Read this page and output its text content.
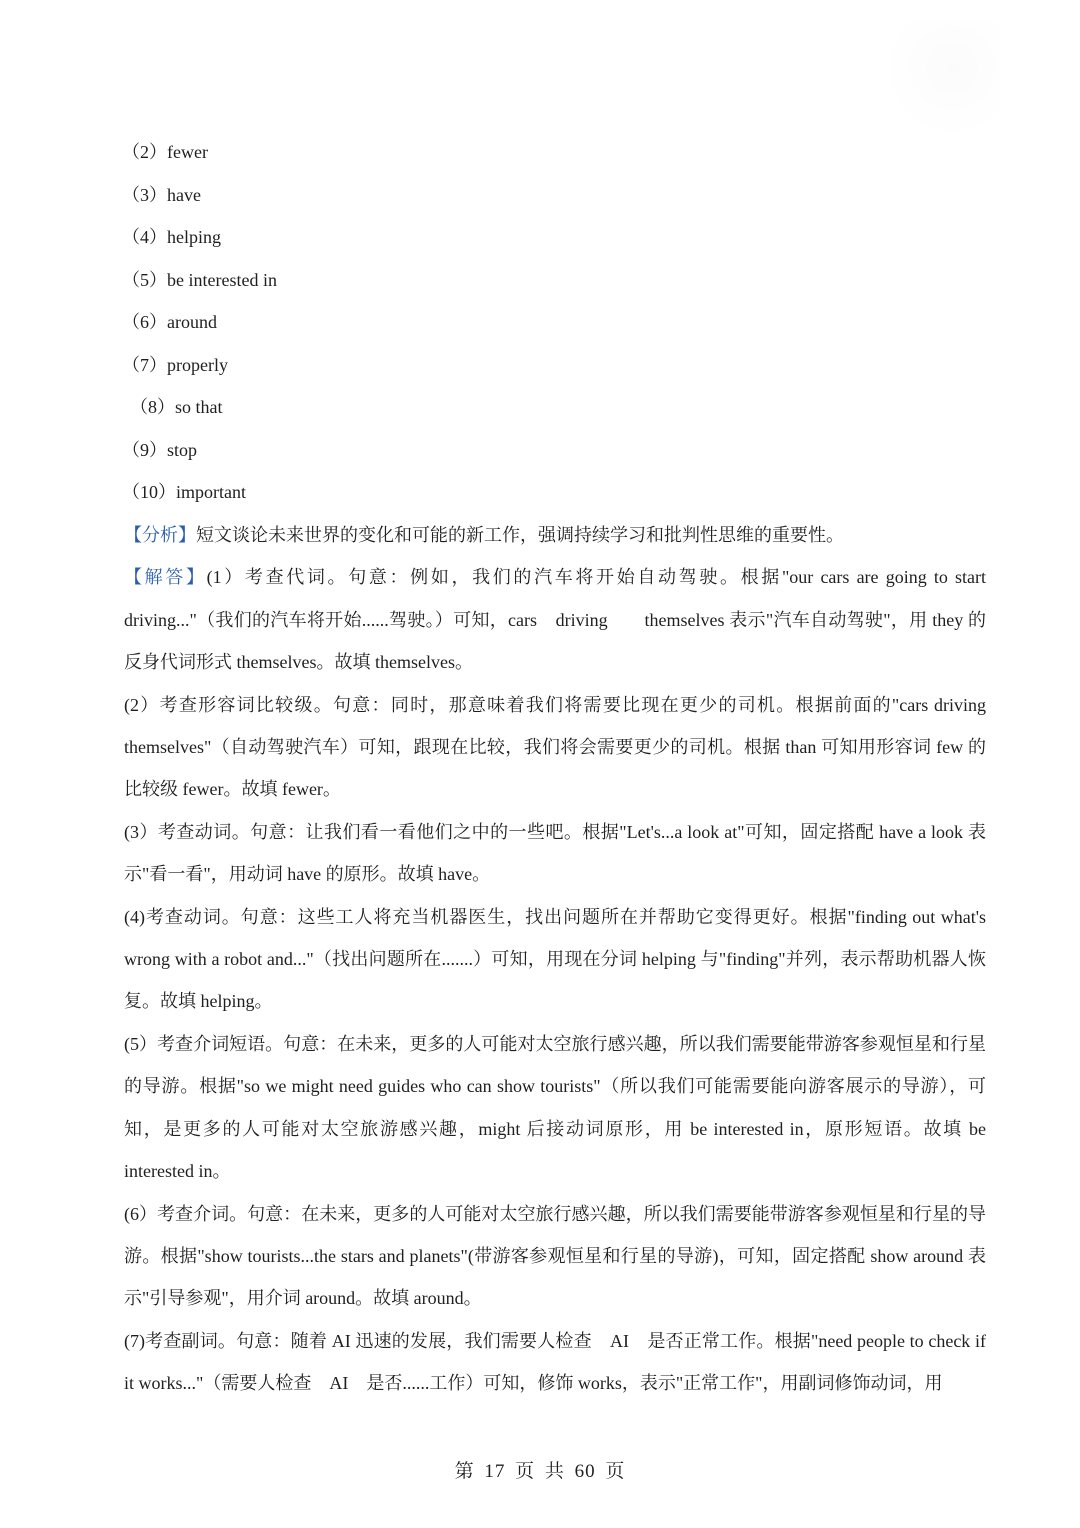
（2）fewer
（3）have
（4）helping
（5）be interested in
（6）around
（7）properly
（8）so that
（9）stop
（10）important

【分析】短文谈论未来世界的变化和可能的新工作，强调持续学习和批判性思维的重要性。

【解答】(1）考查代词。句意：例如，我们的汽车将开始自动驾驶。根据"our cars are going to start driving..."（我们的汽车将开始......驾驶。）可知，cars　driving　　themselves 表示"汽车自动驾驶"，用 they 的反身代词形式 themselves。故填 themselves。

(2）考查形容词比较级。句意：同时，那意味着我们将需要比现在更少的司机。根据前面的"cars driving themselves"（自动驾驶汽车）可知，跟现在比较，我们将会需要更少的司机。根据 than 可知用形容词 few 的比较级 fewer。故填 fewer。

(3）考查动词。句意：让我们看一看他们之中的一些吧。根据"Let's...a look at"可知，固定搭配 have a look 表示"看一看"，用动词 have 的原形。故填 have。

(4)考查动词。句意：这些工人将充当机器医生，找出问题所在并帮助它变得更好。根据"finding out what's wrong with a robot and..."（找出问题所在.......）可知，用现在分词 helping 与"finding"并列，表示帮助机器人恢复。故填 helping。

(5）考查介词短语。句意：在未来，更多的人可能对太空旅行感兴趣，所以我们需要能带游客参观恒星和行星的导游。根据"so we might need guides who can show tourists"（所以我们可能需要能向游客展示的导游），可知，是更多的人可能对太空旅游感兴趣，might 后接动词原形，用 be interested in，原形短语。故填 be interested in。

(6）考查介词。句意：在未来，更多的人可能对太空旅行感兴趣，所以我们需要能带游客参观恒星和行星的导游。根据"show tourists...the stars and planets"(带游客参观恒星和行星的导游)，可知，固定搭配 show around 表示"引导参观"，用介词 around。故填 around。

(7)考查副词。句意：随着 AI 迅速的发展，我们需要人检查　AI　是否正常工作。根据"need people to check if it works..."（需要人检查　AI　是否......工作）可知，修饰 works，表示"正常工作"，用副词修饰动词，用

第 17 页 共 60 页
